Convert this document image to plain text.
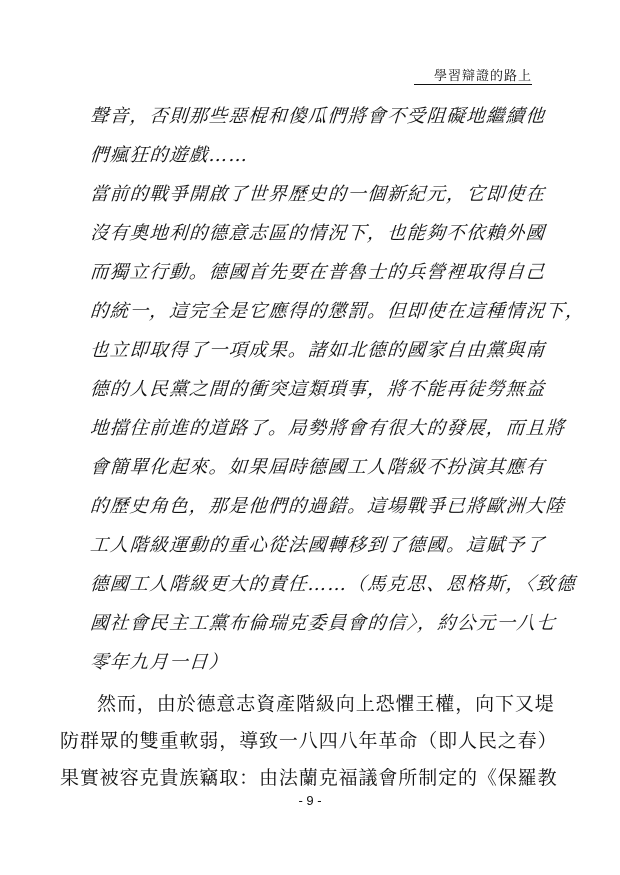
學習辯證的路上
聲音，否則那些惡棍和傻瓜們將會不受阻礙地繼續他
們瘋狂的遊戲……
當前的戰爭開啟了世界歷史的一個新紀元，它即使在
沒有奧地利的德意志區的情況下，也能夠不依賴外國
而獨立行動。德國首先要在普魯士的兵營裡取得自己
的統一，這完全是它應得的懲罰。但即使在這種情況下，
也立即取得了一項成果。諸如北德的國家自由黨與南
德的人民黨之間的衝突這類瑣事，將不能再徒勞無益
地擋住前進的道路了。局勢將會有很大的發展，而且將
會簡單化起來。如果屆時德國工人階級不扮演其應有
的歷史角色，那是他們的過錯。這場戰爭已將歐洲大陸
工人階級運動的重心從法國轉移到了德國。這賦予了
德國工人階級更大的責任……（馬克思、恩格斯，〈致德
國社會民主工黨布倫瑞克委員會的信〉，約公元一八七
零年九月一日）
然而，由於德意志資產階級向上恐懼王權，向下又堤
防群眾的雙重軟弱，導致一八四八年革命（即人民之春）
果實被容克貴族竊取：由法蘭克福議會所制定的《保羅教
- 9 -
